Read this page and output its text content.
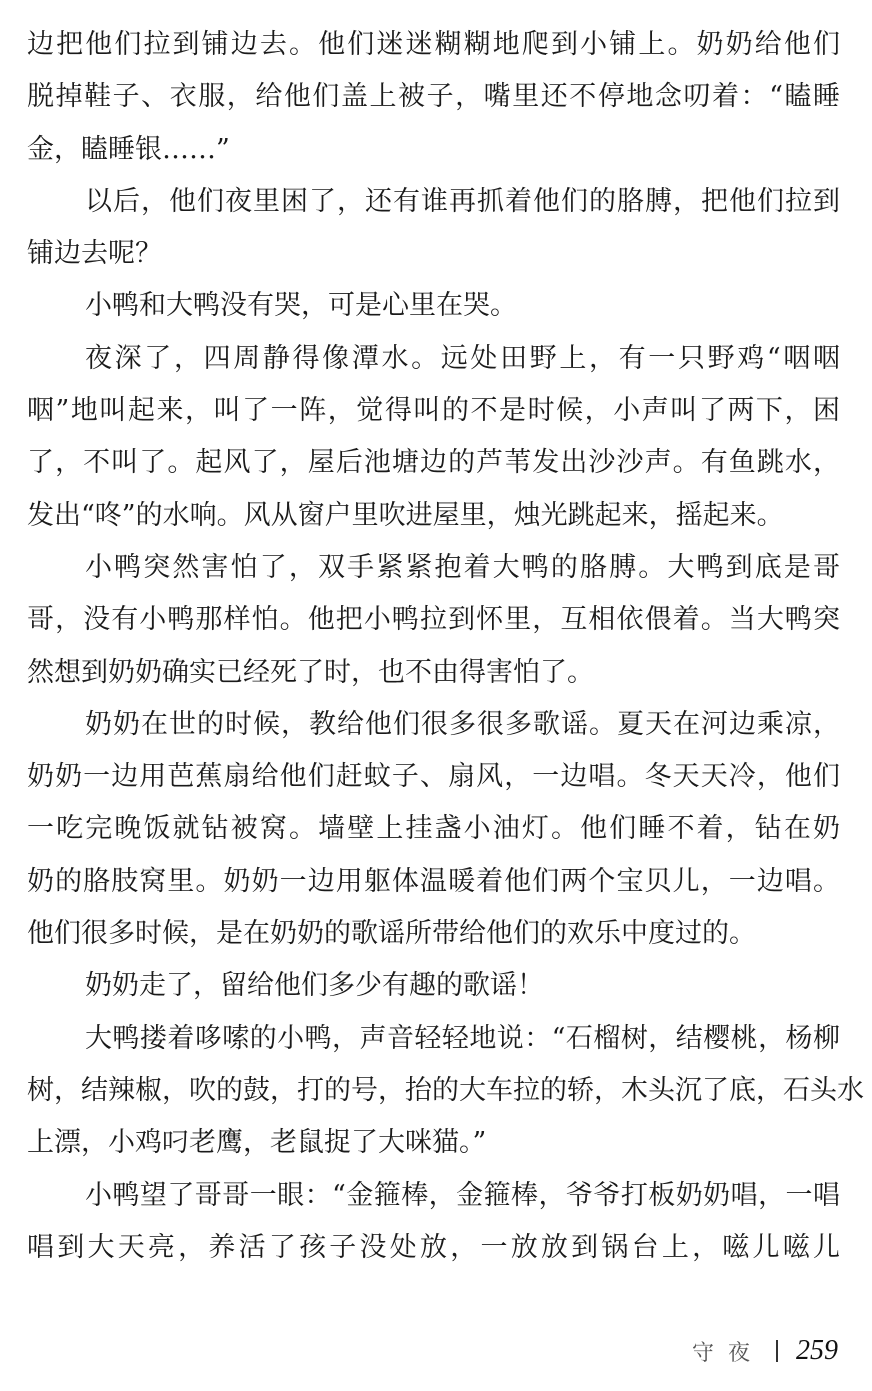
边把他们拉到铺边去。他们迷迷糊糊地爬到小铺上。奶奶给他们
脱掉鞋子、衣服，给他们盖上被子，嘴里还不停地念叨着：“瞌睡
金，瞌睡银……”
以后，他们夜里困了，还有谁再抓着他们的胳膊，把他们拉到
铺边去呢？
小鸭和大鸭没有哭，可是心里在哭。
夜深了，四周静得像潭水。远处田野上，有一只野鸡“咽咽
咽”地叫起来，叫了一阵，觉得叫的不是时候，小声叫了两下，困
了，不叫了。起风了，屋后池塘边的芦苇发出沙沙声。有鱼跳水，
发出“咚”的水响。风从窗户里吹进屋里，烛光跳起来，摇起来。
小鸭突然害怕了，双手紧紧抱着大鸭的胳膊。大鸭到底是哥
哥，没有小鸭那样怕。他把小鸭拉到怀里，互相依偎着。当大鸭突
然想到奶奶确实已经死了时，也不由得害怕了。
奶奶在世的时候，教给他们很多很多歌谣。夏天在河边乘凉，
奶奶一边用芭蕉扇给他们赶蚊子、扇风，一边唱。冬天天冷，他们
一吃完晚饭就钻被窝。墙壁上挂盏小油灯。他们睡不着，钻在奶
奶的胳肢窝里。奶奶一边用躯体温暖着他们两个宝贝儿，一边唱。
他们很多时候，是在奶奶的歌谣所带给他们的欢乐中度过的。
奶奶走了，留给他们多少有趣的歌谣！
大鸭搂着哆嗦的小鸭，声音轻轻地说：“石榴树，结樱桃，杨柳
树，结辣椒，吹的鼓，打的号，抬的大车拉的轿，木头沉了底，石头水
上漂，小鸡叼老鹰，老鼠捉了大咪猫。”
小鸭望了哥哥一眼：“金箍棒，金箍棒，爷爷打板奶奶唱，一唱
唱到大天亮，养活了孩子没处放，一放放到锅台上，嗞儿嗞儿
守夜 259
